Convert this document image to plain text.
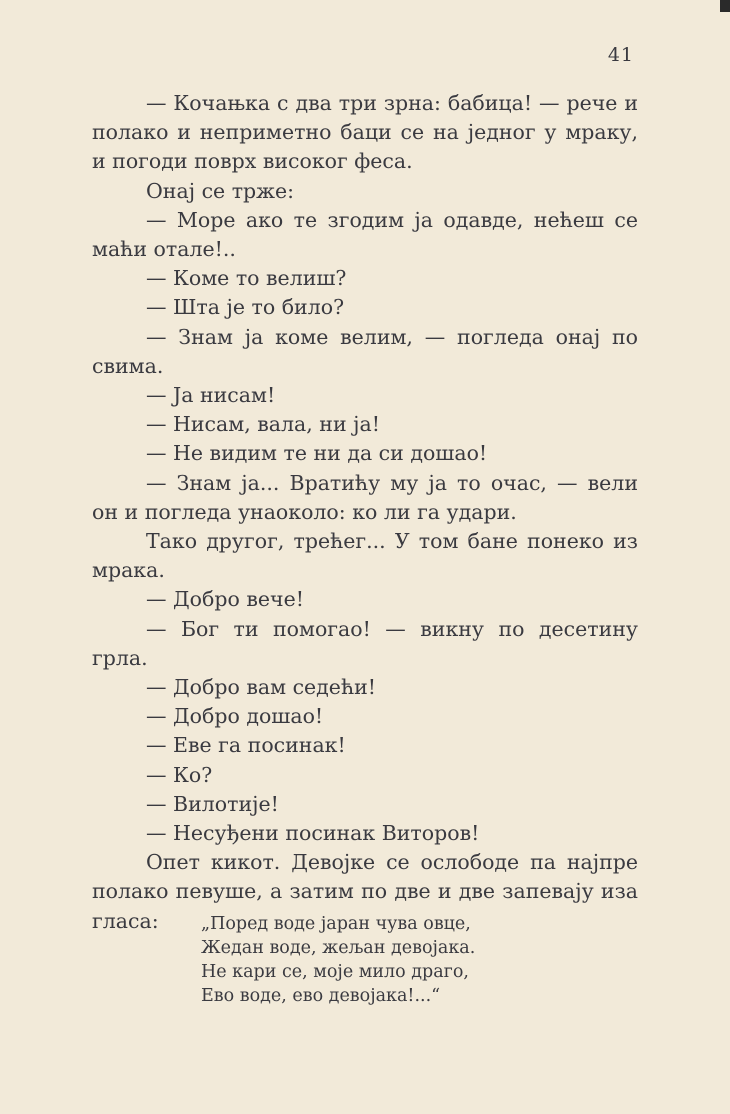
41

— Кочањка с два три зрна: бабица! — рече и полако и неприметно баци се на једног у мраку, и погоди поврх високог феса.

Онај се трже:

— Море ако те згодим ја одавде, нећеш се маћи отале!..

— Коме то велиш?

— Шта је то било?

— Знам ја коме велим, — погледа онај по свима.

— Ја нисам!

— Нисам, вала, ни ја!

— Не видим те ни да си дошао!

— Знам ја... Вратићу му ја то очас, — вели он и погледа унаоколо: ко ли га удари.

Тако другог, трећег... У том бане понеко из мрака.

— Добро вече!

— Бог ти помогао! — викну по десетину грла.

— Добро вам седећи!

— Добро дошао!

— Еве га посинак!

— Ко?

— Вилотије!

— Несуђени посинак Виторов!

Опет кикот. Девојке се ослободе па најпре полако певуше, а затим по две и две запевају иза гласа:	„Поред воде јаран чува овце,
Жедан воде, жељан девојака.
Не кари се, моје мило драго,
Ево воде, ево девојака!...“
